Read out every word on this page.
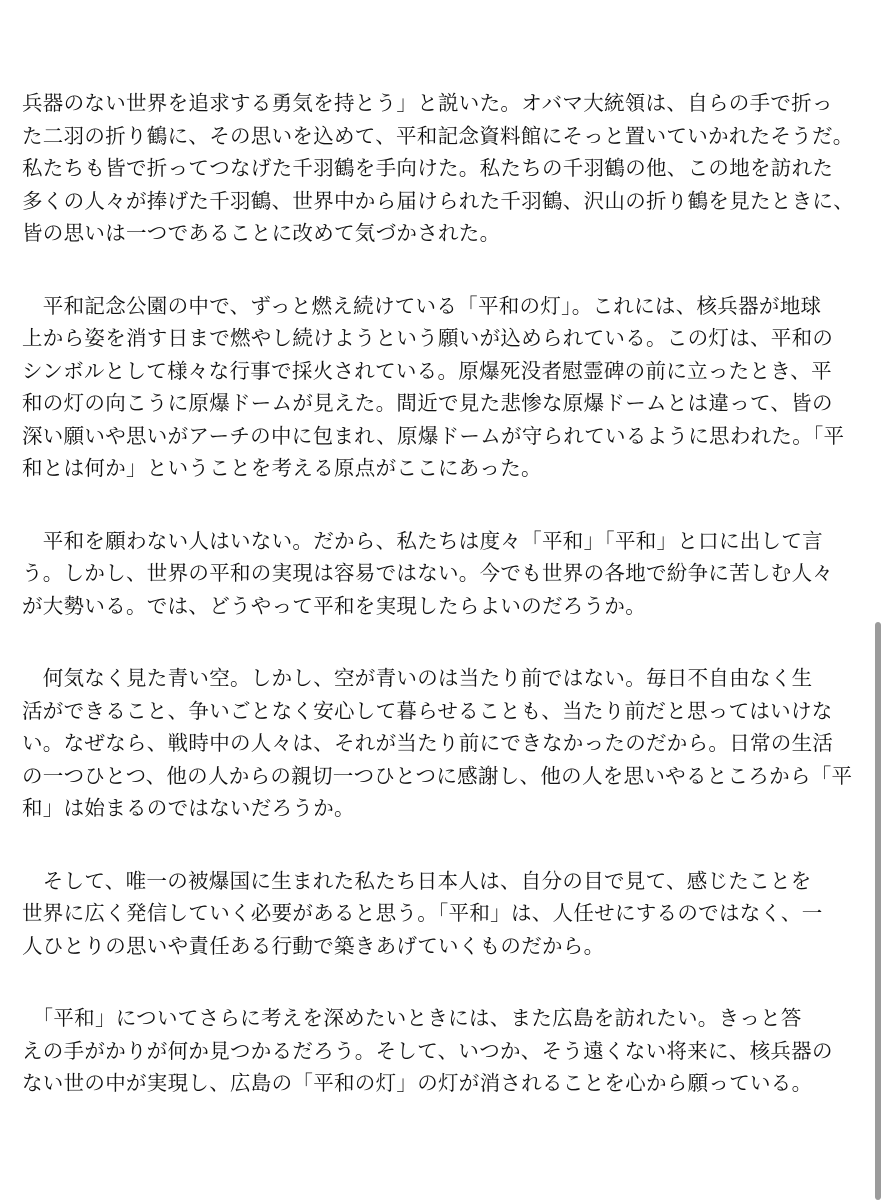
兵器のない世界を追求する勇気を持とう」と説いた。オバマ大統領は、自らの手で折っ
た二羽の折り鶴に、その思いを込めて、平和記念資料館にそっと置いていかれたそうだ。
私たちも皆で折ってつなげた千羽鶴を手向けた。私たちの千羽鶴の他、この地を訪れた
多くの人々が捧げた千羽鶴、世界中から届けられた千羽鶴、沢山の折り鶴を見たときに、
皆の思いは一つであることに改めて気づかされた。

　平和記念公園の中で、ずっと燃え続けている「平和の灯」。これには、核兵器が地球
上から姿を消す日まで燃やし続けようという願いが込められている。この灯は、平和の
シンボルとして様々な行事で採火されている。原爆死没者慰霊碑の前に立ったとき、平
和の灯の向こうに原爆ドームが見えた。間近で見た悲惨な原爆ドームとは違って、皆の
深い願いや思いがアーチの中に包まれ、原爆ドームが守られているように思われた。「平
和とは何か」ということを考える原点がここにあった。

　平和を願わない人はいない。だから、私たちは度々「平和」「平和」と口に出して言
う。しかし、世界の平和の実現は容易ではない。今でも世界の各地で紛争に苦しむ人々
が大勢いる。では、どうやって平和を実現したらよいのだろうか。

　何気なく見た青い空。しかし、空が青いのは当たり前ではない。毎日不自由なく生
活ができること、争いごとなく安心して暮らせることも、当たり前だと思ってはいけな
い。なぜなら、戦時中の人々は、それが当たり前にできなかったのだから。日常の生活
の一つひとつ、他の人からの親切一つひとつに感謝し、他の人を思いやるところから「平
和」は始まるのではないだろうか。

　そして、唯一の被爆国に生まれた私たち日本人は、自分の目で見て、感じたことを
世界に広く発信していく必要があると思う。「平和」は、人任せにするのではなく、一
人ひとりの思いや責任ある行動で築きあげていくものだから。

　「平和」についてさらに考えを深めたいときには、また広島を訪れたい。きっと答
えの手がかりが何か見つかるだろう。そして、いつか、そう遠くない将来に、核兵器の
ない世の中が実現し、広島の「平和の灯」の灯が消されることを心から願っている。
